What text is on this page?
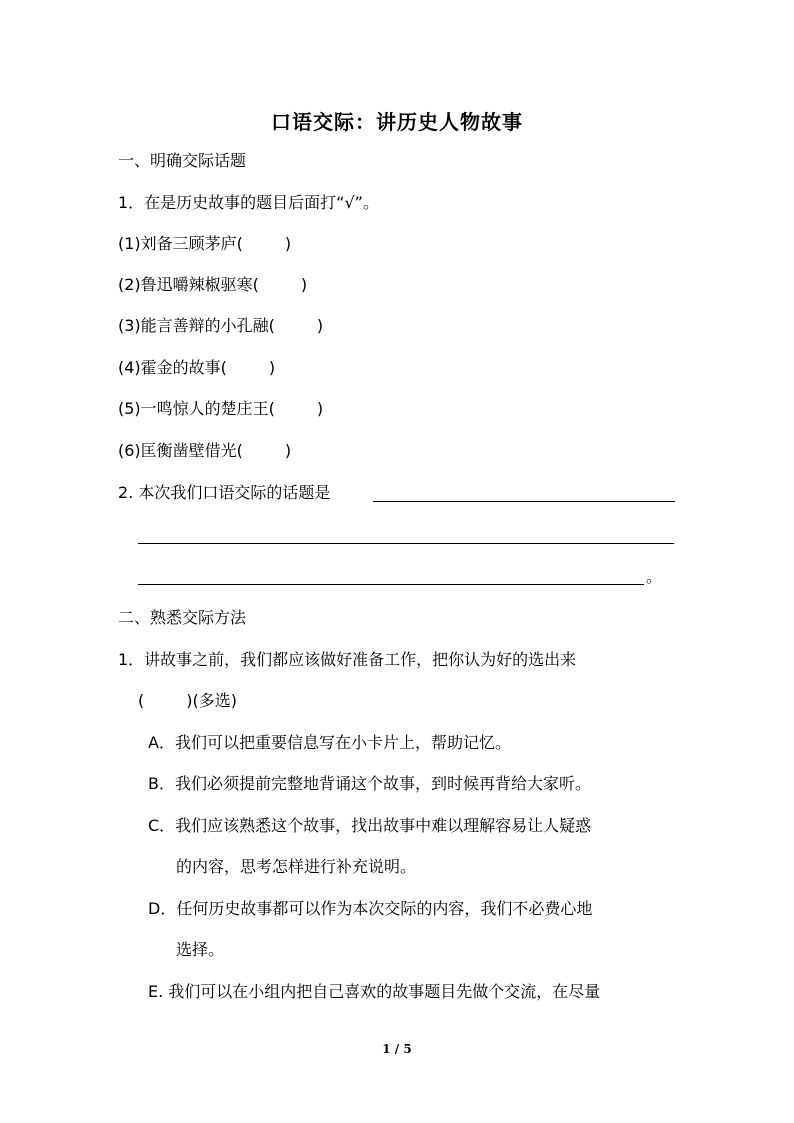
口语交际：讲历史人物故事
一、明确交际话题
1．在是历史故事的题目后面打“√”。
(1)刘备三顾茅庐(	)
(2)鲁迅嚼辣椒驱寒(	)
(3)能言善辩的小孔融(	)
(4)霍金的故事(	)
(5)一鸣惊人的楚庄王(	)
(6)匡衡凿壁借光(	)
2. 本次我们口语交际的话题是
。
二、熟悉交际方法
1．讲故事之前，我们都应该做好准备工作，把你认为好的选出来
(	)(多选)
A．我们可以把重要信息写在小卡片上，帮助记忆。
B．我们必须提前完整地背诵这个故事，到时候再背给大家听。
C．我们应该熟悉这个故事，找出故事中难以理解容易让人疑惑
的内容，思考怎样进行补充说明。
D．任何历史故事都可以作为本次交际的内容，我们不必费心地
选择。
E. 我们可以在小组内把自己喜欢的故事题目先做个交流，在尽量
1 / 5
